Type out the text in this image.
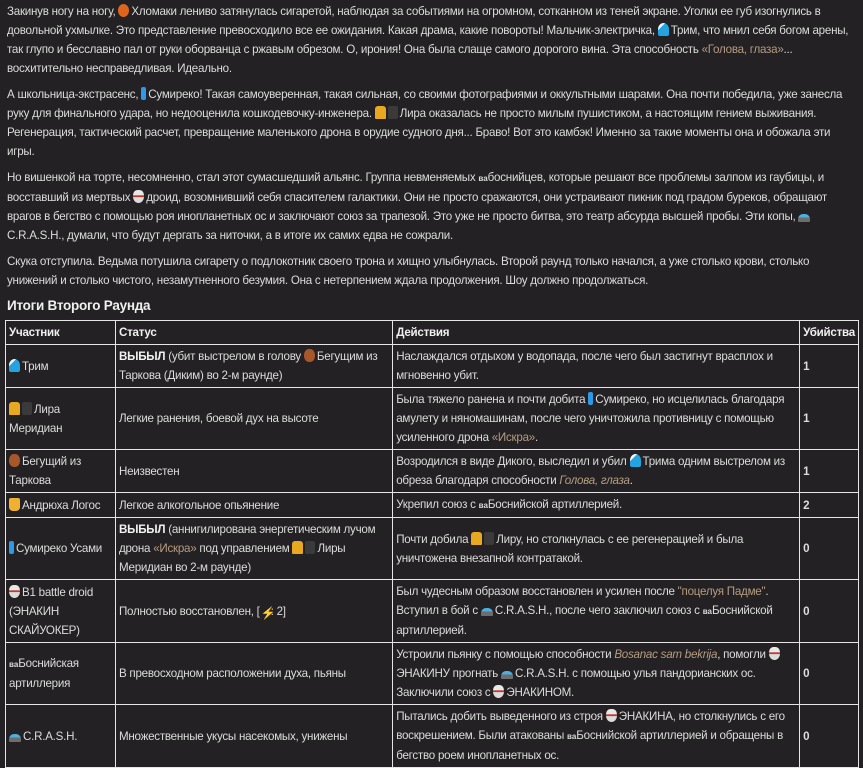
Закинув ногу на ногу, Хломаки лениво затянулась сигаретой, наблюдая за событиями на огромном, сотканном из теней экране. Уголки ее губ изогнулись в довольной ухмылке. Это представление превосходило все ее ожидания. Какая драма, какие повороты! Мальчик-электричка, Трим, что мнил себя богом арены, так глупо и бесславно пал от руки оборванца с ржавым обрезом. О, ирония! Она была слаще самого дорогого вина. Эта способность «Голова, глаза»... восхитительно несправедливая. Идеально.

А школьница-экстрасенс, Сумиреко! Такая самоуверенная, такая сильная, со своими фотографиями и оккультными шарами. Она почти победила, уже занесла руку для финального удара, но недооценила кошкодевочку-инженера. Лира оказалась не просто милым пушистиком, а настоящим гением выживания. Регенерация, тактический расчет, превращение маленького дрона в орудие судного дня... Браво! Вот это камбэк! Именно за такие моменты она и обожала эти игры.

Но вишенкой на торте, несомненно, стал этот сумасшедший альянс. Группа невменяемых вабоснийцев, которые решают все проблемы залпом из гаубицы, и восставший из мертвых дроид, возомнивший себя спасителем галактики. Они не просто сражаются, они устраивают пикник под градом буреков, обращают врагов в бегство с помощью роя инопланетных ос и заключают союз за трапезой. Это уже не просто битва, это театр абсурда высшей пробы. Эти копы, C.R.A.S.H., думали, что будут дергать за ниточки, а в итоге их самих едва не сожрали.

Скука отступила. Ведьма потушила сигарету о подлокотник своего трона и хищно улыбнулась. Второй раунд только начался, а уже столько крови, столько унижений и столько чистого, незамутненного безумия. Она с нетерпением ждала продолжения. Шоу должно продолжаться.

Итоги Второго Раунда
Участник	Статус	Действия	Убийства
Трим	ВЫБЫЛ (убит выстрелом в голову Бегущим из Таркова (Диким) во 2-м раунде)	Наслаждался отдыхом у водопада, после чего был застигнут врасплох и мгновенно убит.	1
Лира Меридиан	Легкие ранения, боевой дух на высоте	Была тяжело ранена и почти добита Сумиреко, но исцелилась благодаря амулету и няномашинам, после чего уничтожила противницу с помощью усиленного дрона «Искра».	1
Бегущий из Таркова	Неизвестен	Возродился в виде Дикого, выследил и убил Трима одним выстрелом из обреза благодаря способности Голова, глаза.	1
Андрюха Логос	Легкое алкогольное опьянение	Укрепил союз с ваБоснийской артиллерией.	2
Сумиреко Усами	ВЫБЫЛ (аннигилирована энергетическим лучом дрона «Искра» под управлением Лиры Меридиан во 2-м раунде)	Почти добила Лиру, но столкнулась с ее регенерацией и была уничтожена внезапной контратакой.	0
B1 battle droid (ЭНАКИН СКАЙУОКЕР)	Полностью восстановлен, [⚡: 2]	Был чудесным образом восстановлен и усилен после "поцелуя Падме". Вступил в бой с C.R.A.S.H., после чего заключил союз с ваБоснийской артиллерией.	0
ваБоснийская артиллерия	В превосходном расположении духа, пьяны	Устроили пьянку с помощью способности Bosanac sam bekrija, помогли ЭНАКИНУ прогнать C.R.A.S.H. с помощью улья пандорианских ос. Заключили союз с ЭНАКИНОМ.	0
C.R.A.S.H.	Множественные укусы насекомых, унижены	Пытались добить выведенного из строя ЭНАКИНА, но столкнулись с его воскрешением. Были атакованы ваБоснийской артиллерией и обращены в бегство роем инопланетных ос.	0
